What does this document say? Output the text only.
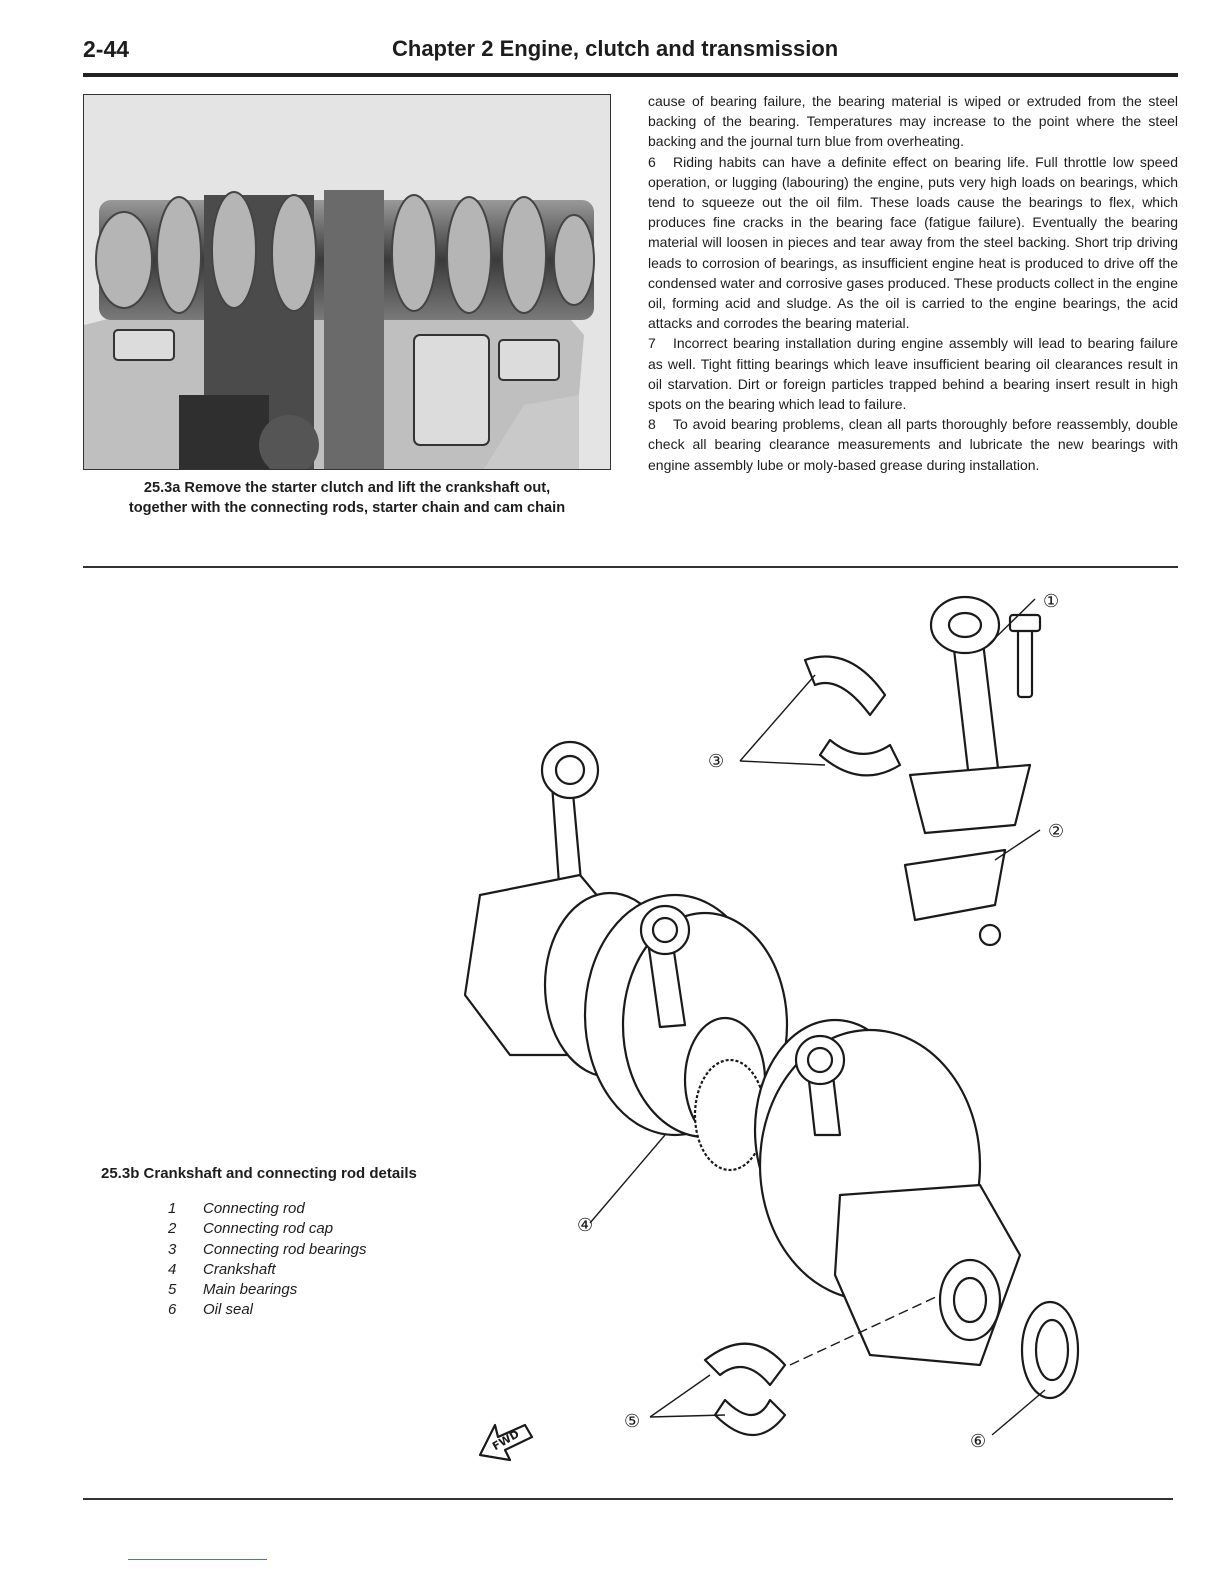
2-44	Chapter 2 Engine, clutch and transmission
25.3a Remove the starter clutch and lift the crankshaft out,
together with the connecting rods, starter chain and cam chain

cause of bearing failure, the bearing material is wiped or extruded from the steel backing of the bearing. Temperatures may increase to the point where the steel backing and the journal turn blue from overheating.

6 Riding habits can have a definite effect on bearing life. Full throttle low speed operation, or lugging (labouring) the engine, puts very high loads on bearings, which tend to squeeze out the oil film. These loads cause the bearings to flex, which produces fine cracks in the bearing face (fatigue failure). Eventually the bearing material will loosen in pieces and tear away from the steel backing. Short trip driving leads to corrosion of bearings, as insufficient engine heat is produced to drive off the condensed water and corrosive gases produced. These products collect in the engine oil, forming acid and sludge. As the oil is carried to the engine bearings, the acid attacks and corrodes the bearing material.

7 Incorrect bearing installation during engine assembly will lead to bearing failure as well. Tight fitting bearings which leave insufficient bearing oil clearances result in oil starvation. Dirt or foreign particles trapped behind a bearing insert result in high spots on the bearing which lead to failure.

8 To avoid bearing problems, clean all parts thoroughly before reassembly, double check all bearing clearance measurements and lubricate the new bearings with engine assembly lube or moly-based grease during installation.

①
②
③
④
⑤
⑥
FWD
25.3b Crankshaft and connecting rod details
1	Connecting rod
2	Connecting rod cap
3	Connecting rod bearings
4	Crankshaft
5	Main bearings
6	Oil seal
